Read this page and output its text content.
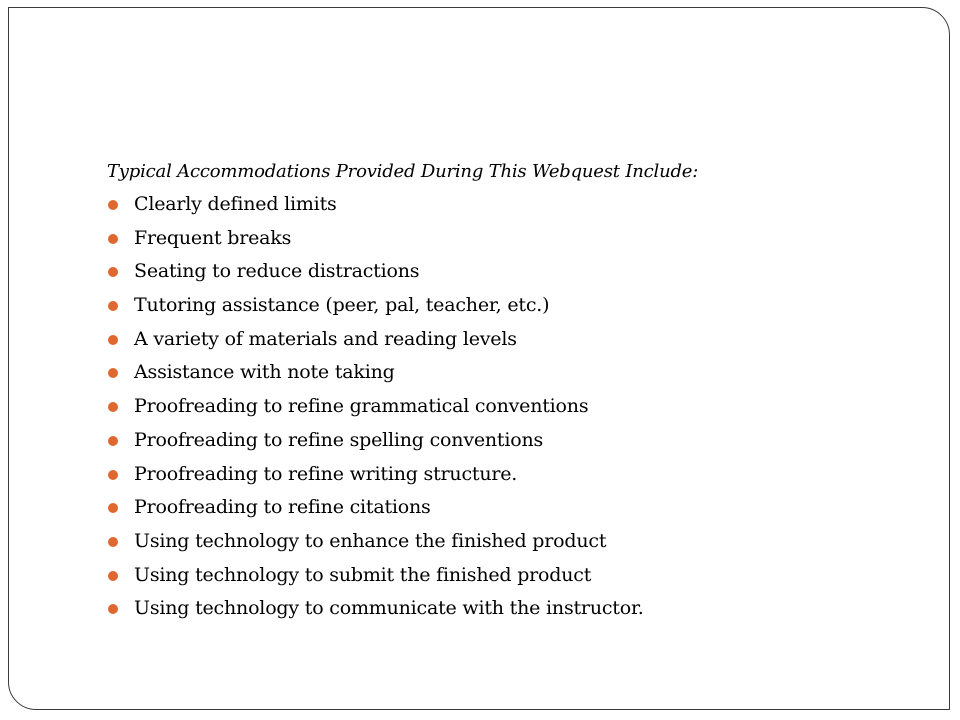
Typical Accommodations Provided During This Webquest Include:
Clearly defined limits
Frequent breaks
Seating to reduce distractions
Tutoring assistance (peer, pal, teacher, etc.)
A variety of materials and reading levels
Assistance with note taking
Proofreading to refine grammatical conventions
Proofreading to refine spelling conventions
Proofreading to refine writing structure.
Proofreading to refine citations
Using technology to enhance the finished product
Using technology to submit the finished product
Using technology to communicate with the instructor.
